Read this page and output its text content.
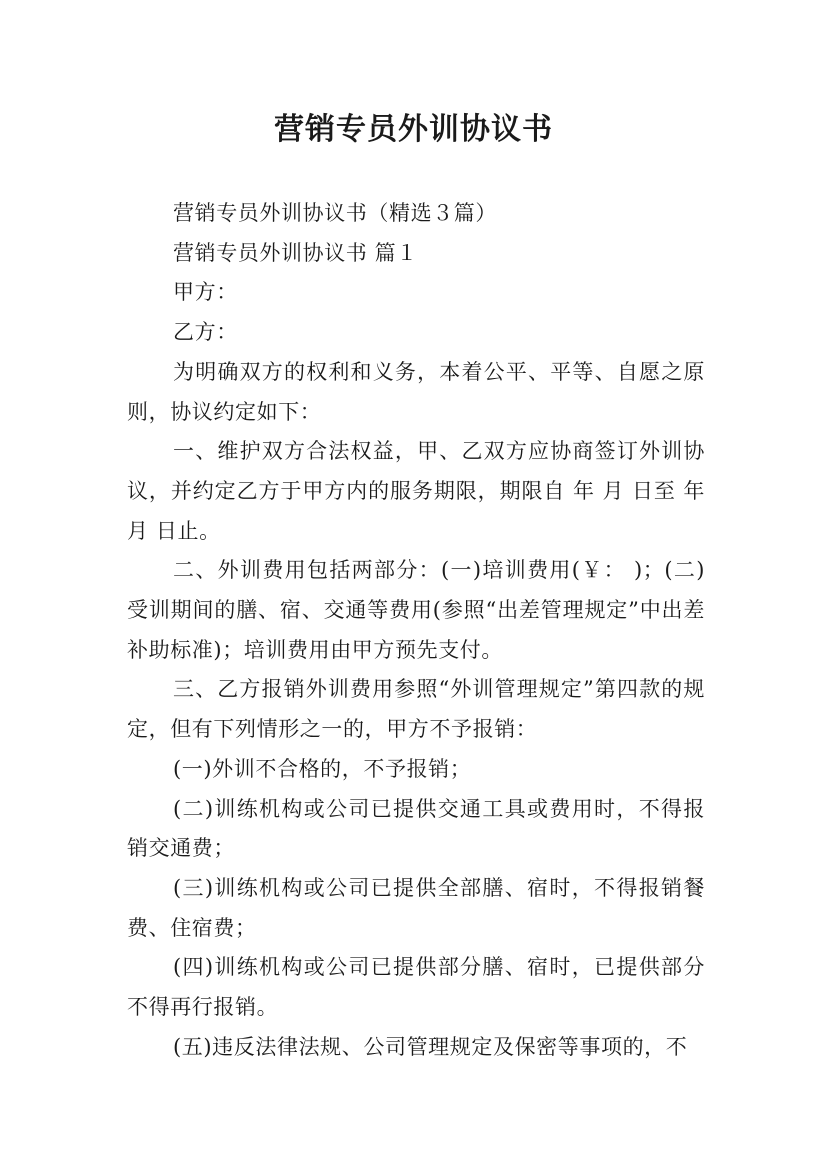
营销专员外训协议书

营销专员外训协议书（精选３篇）

营销专员外训协议书 篇１

甲方：

乙方：

为明确双方的权利和义务，本着公平、平等、自愿之原则，协议约定如下：

一、维护双方合法权益，甲、乙双方应协商签订外训协议，并约定乙方于甲方内的服务期限，期限自 年 月 日至 年 月 日止。

二、外训费用包括两部分：(一)培训费用(￥： )；(二)受训期间的膳、宿、交通等费用(参照“出差管理规定”中出差补助标准)；培训费用由甲方预先支付。

三、乙方报销外训费用参照“外训管理规定”第四款的规定，但有下列情形之一的，甲方不予报销：

(一)外训不合格的，不予报销；

(二)训练机构或公司已提供交通工具或费用时，不得报销交通费；

(三)训练机构或公司已提供全部膳、宿时，不得报销餐费、住宿费；

(四)训练机构或公司已提供部分膳、宿时，已提供部分不得再行报销。

(五)违反法律法规、公司管理规定及保密等事项的，不
